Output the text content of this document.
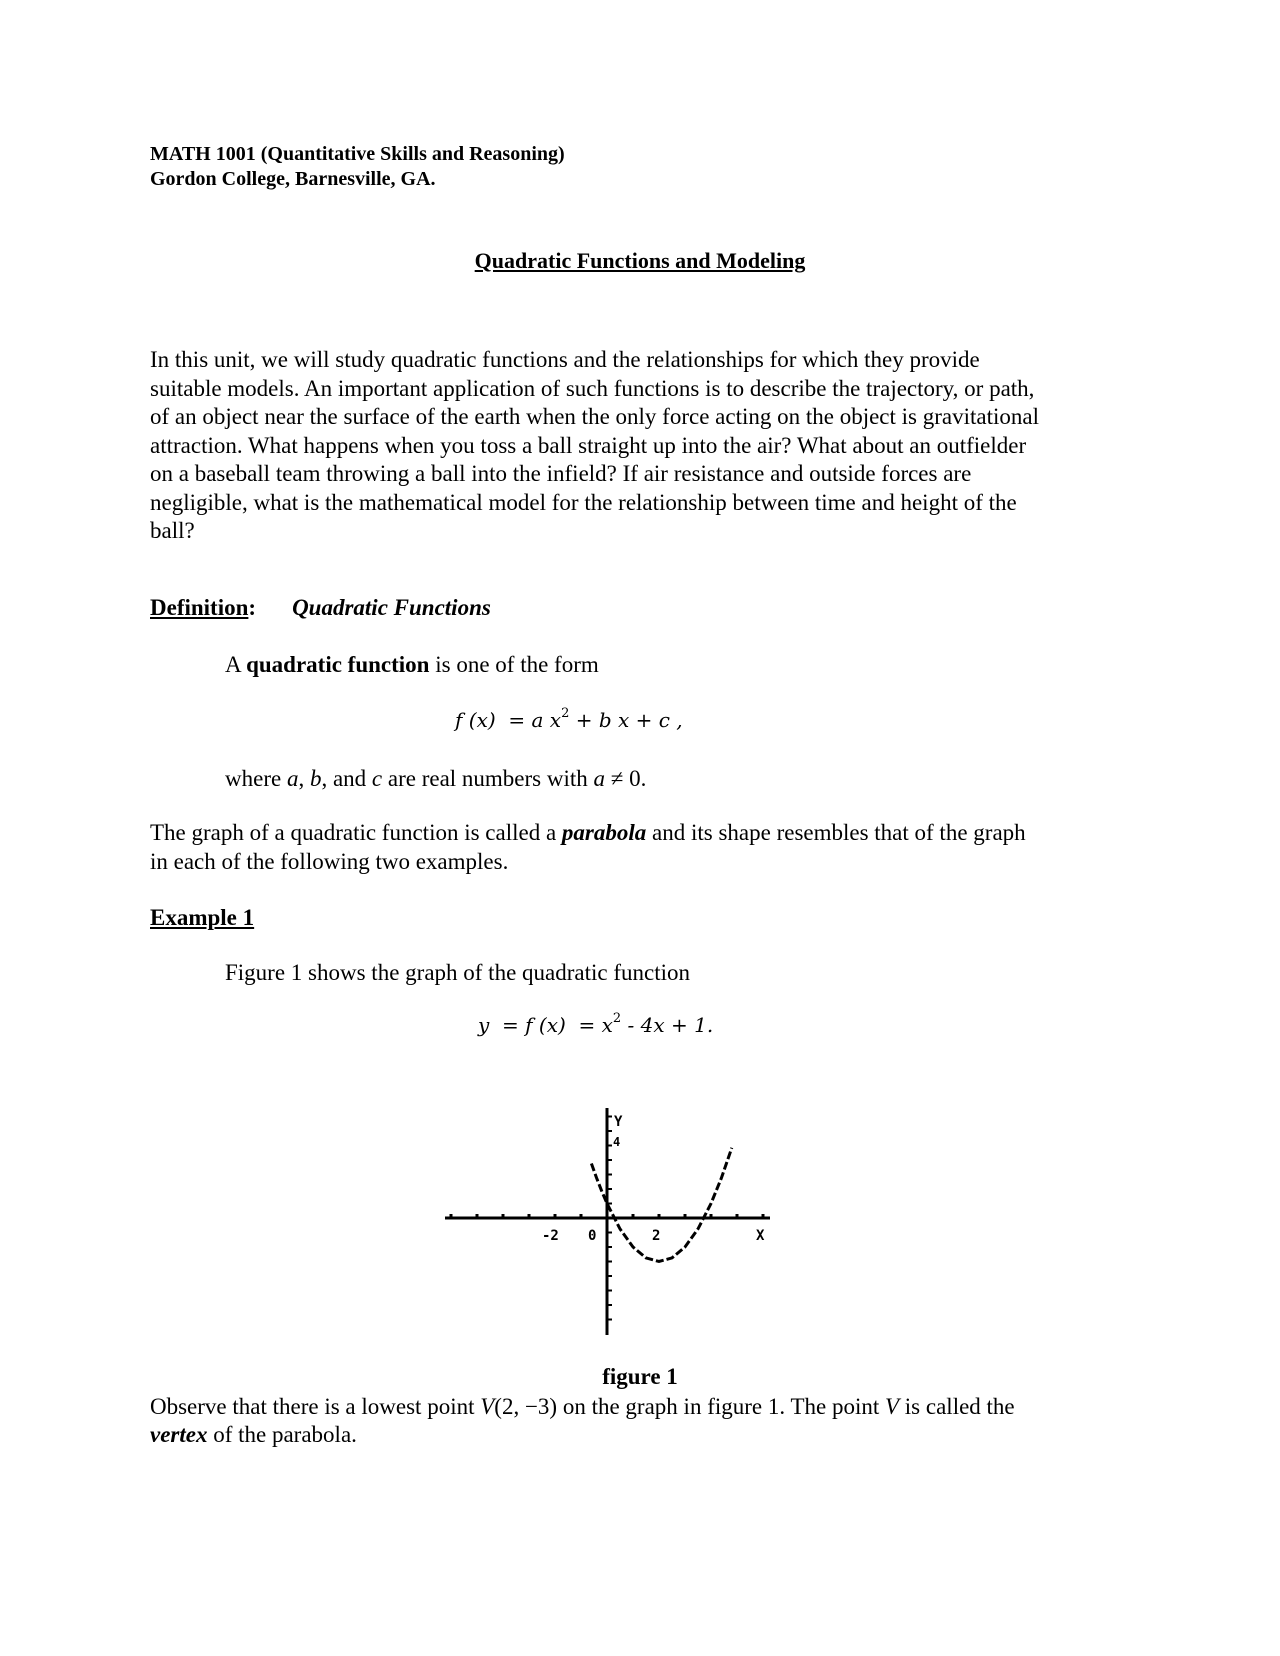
MATH 1001 (Quantitative Skills and Reasoning)
Gordon College, Barnesville, GA.
Quadratic Functions and Modeling
In this unit, we will study quadratic functions and the relationships for which they provide
suitable models. An important application of such functions is to describe the trajectory, or path,
of an object near the surface of the earth when the only force acting on the object is gravitational
attraction. What happens when you toss a ball straight up into the air? What about an outfielder
on a baseball team throwing a ball into the infield? If air resistance and outside forces are
negligible, what is the mathematical model for the relationship between time and height of the
ball?
Definition: Quadratic Functions
A quadratic function is one of the form
f (x) = a $x^2 + b$ x + c ,
where a, b, and c are real numbers with a ≠ 0.
The graph of a quadratic function is called a parabola and its shape resembles that of the graph
in each of the following two examples.
Example 1
Figure 1 shows the graph of the quadratic function
y = f $(x) = x^2 - 4x + 1$.
-2 0	2	X
Y
4
figure 1
Observe that there is a lowest point V(2, −3) on the graph in figure 1. The point V is called the
vertex of the parabola.
